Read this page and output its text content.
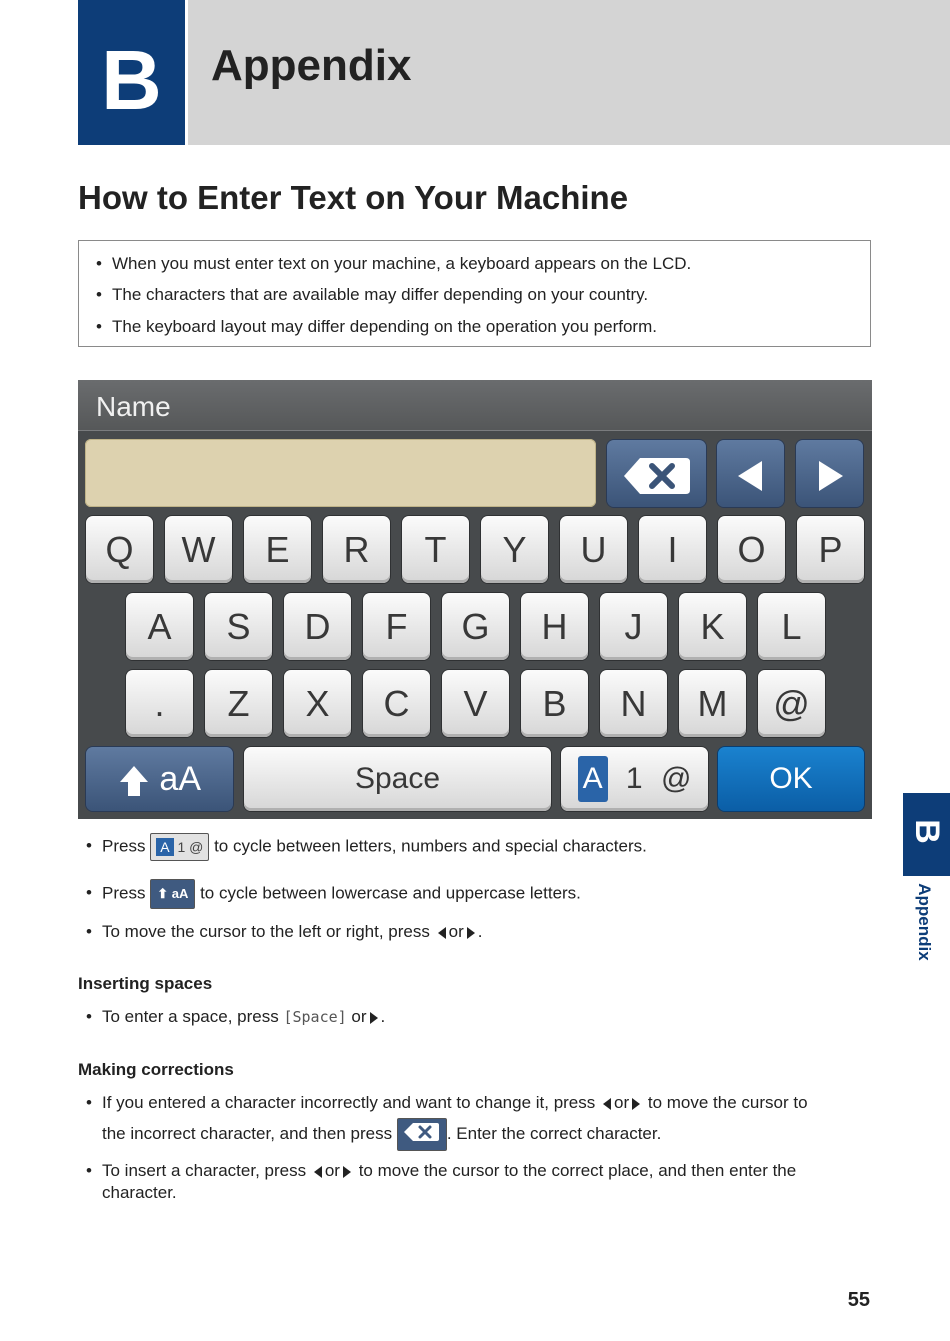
B	Appendix
How to Enter Text on Your Machine
• When you must enter text on your machine, a keyboard appears on the LCD.
• The characters that are available may differ depending on your country.
• The keyboard layout may differ depending on the operation you perform.
Name
Q	W	E	R	T	Y	U	I	O	P
A	S	D	F	G	H	J	K	L
.	Z	X	C	V	B	N	M	@
aA	Space	A 1 @	OK
• Press A 1 @ to cycle between letters, numbers and special characters.
• Press ⬆ aA to cycle between lowercase and uppercase letters.
• To move the cursor to the left or right, press or .
Inserting spaces
• To enter a space, press [Space] or .
Making corrections
• If you entered a character incorrectly and want to change it, press or to move the cursor to
the incorrect character, and then press	. Enter the correct character.
• To insert a character, press or to move the cursor to the correct place, and then enter the
character.
B
Appendix
55
